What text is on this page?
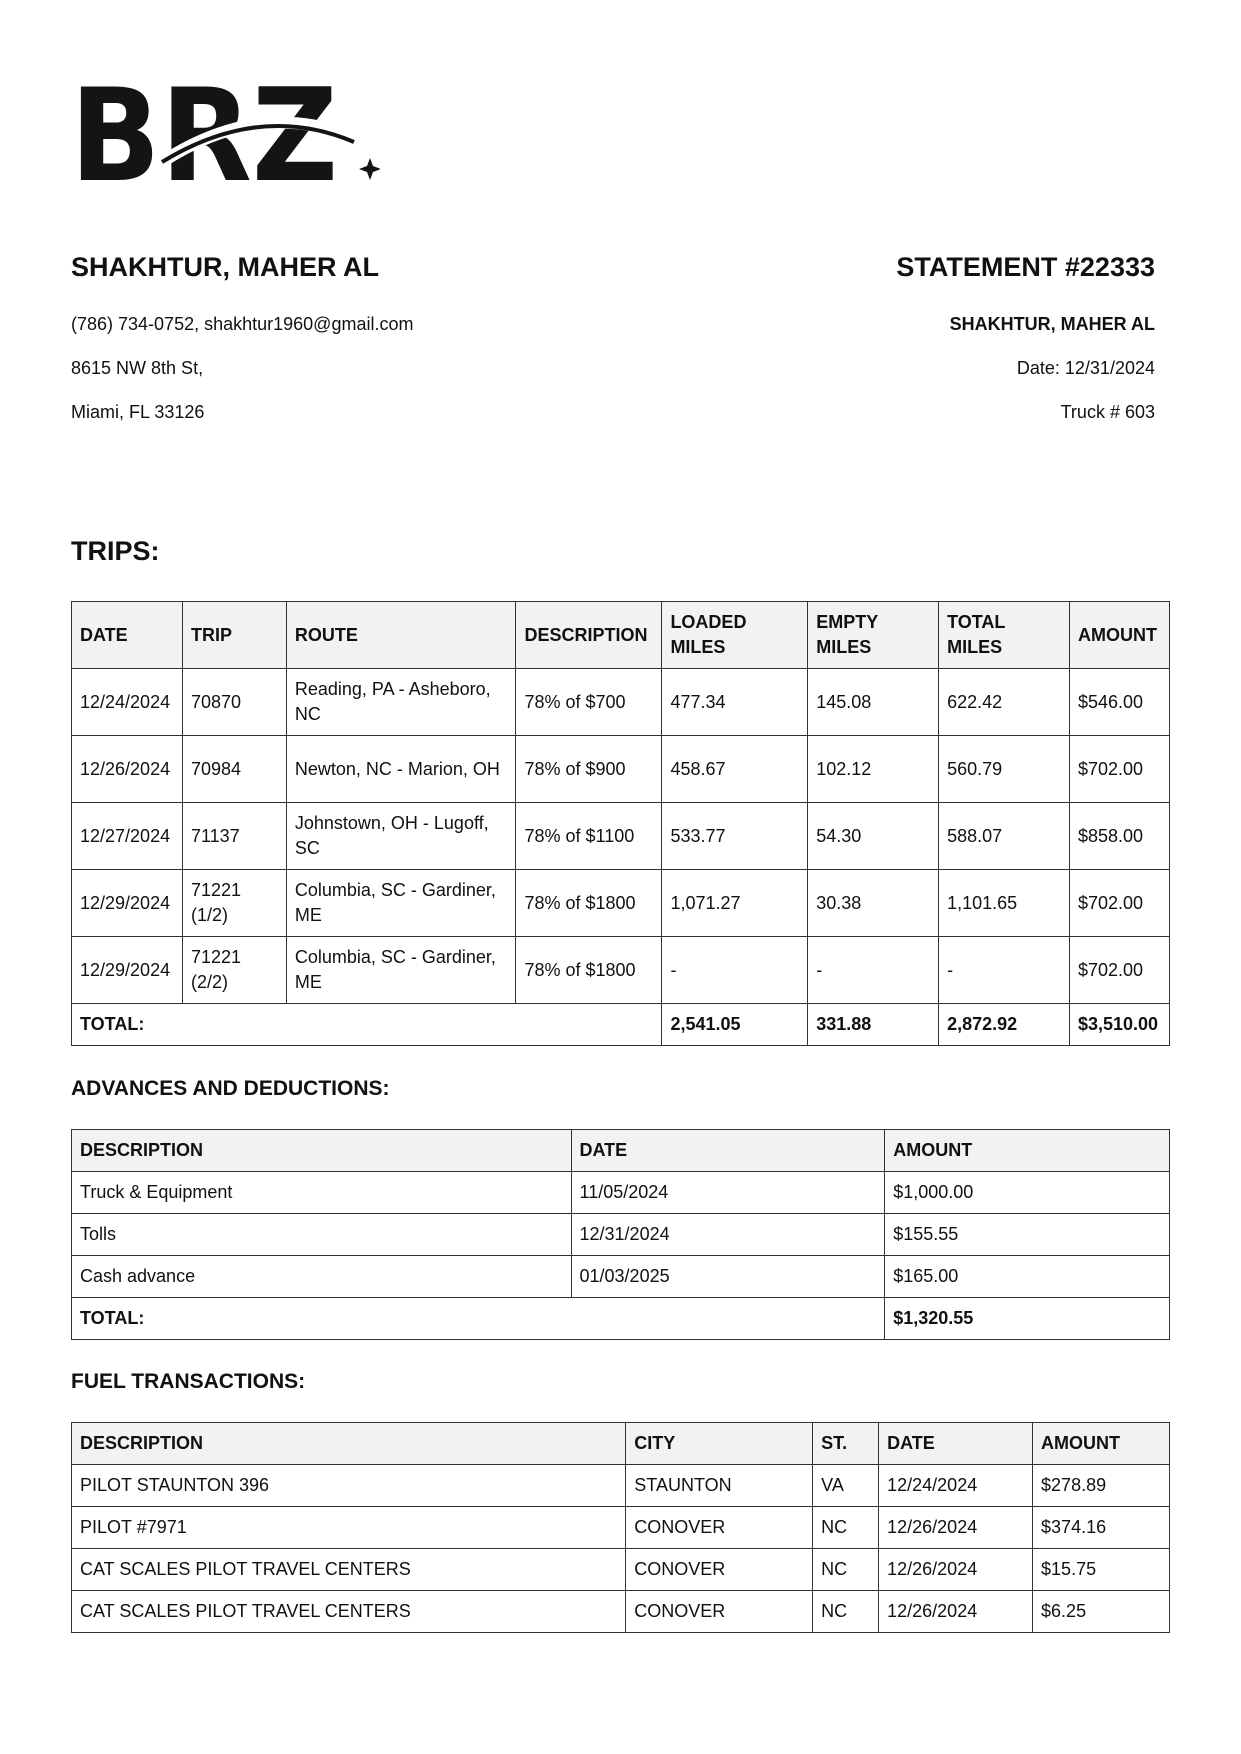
BRZ
SHAKHTUR, MAHER AL	STATEMENT #22333
(786) 734-0752, shakhtur1960@gmail.com
8615 NW 8th St,
Miami, FL 33126
SHAKHTUR, MAHER AL
Date: 12/31/2024
Truck # 603
TRIPS:
DATE	TRIP	ROUTE	DESCRIPTION	LOADED MILES	EMPTY MILES	TOTAL MILES	AMOUNT
12/24/2024	70870	Reading, PA - Asheboro, NC	78% of $700	477.34	145.08	622.42	$546.00
12/26/2024	70984	Newton, NC - Marion, OH	78% of $900	458.67	102.12	560.79	$702.00
12/27/2024	71137	Johnstown, OH - Lugoff, SC	78% of $1100	533.77	54.30	588.07	$858.00
12/29/2024	71221 (1/2)	Columbia, SC - Gardiner, ME	78% of $1800	1,071.27	30.38	1,101.65	$702.00
12/29/2024	71221 (2/2)	Columbia, SC - Gardiner, ME	78% of $1800	-	-	-	$702.00
TOTAL:				2,541.05	331.88	2,872.92	$3,510.00
ADVANCES AND DEDUCTIONS:
DESCRIPTION	DATE	AMOUNT
Truck & Equipment	11/05/2024	$1,000.00
Tolls	12/31/2024	$155.55
Cash advance	01/03/2025	$165.00
TOTAL:		$1,320.55
FUEL TRANSACTIONS:
DESCRIPTION	CITY	ST.	DATE	AMOUNT
PILOT STAUNTON 396	STAUNTON	VA	12/24/2024	$278.89
PILOT #7971	CONOVER	NC	12/26/2024	$374.16
CAT SCALES PILOT TRAVEL CENTERS	CONOVER	NC	12/26/2024	$15.75
CAT SCALES PILOT TRAVEL CENTERS	CONOVER	NC	12/26/2024	$6.25
